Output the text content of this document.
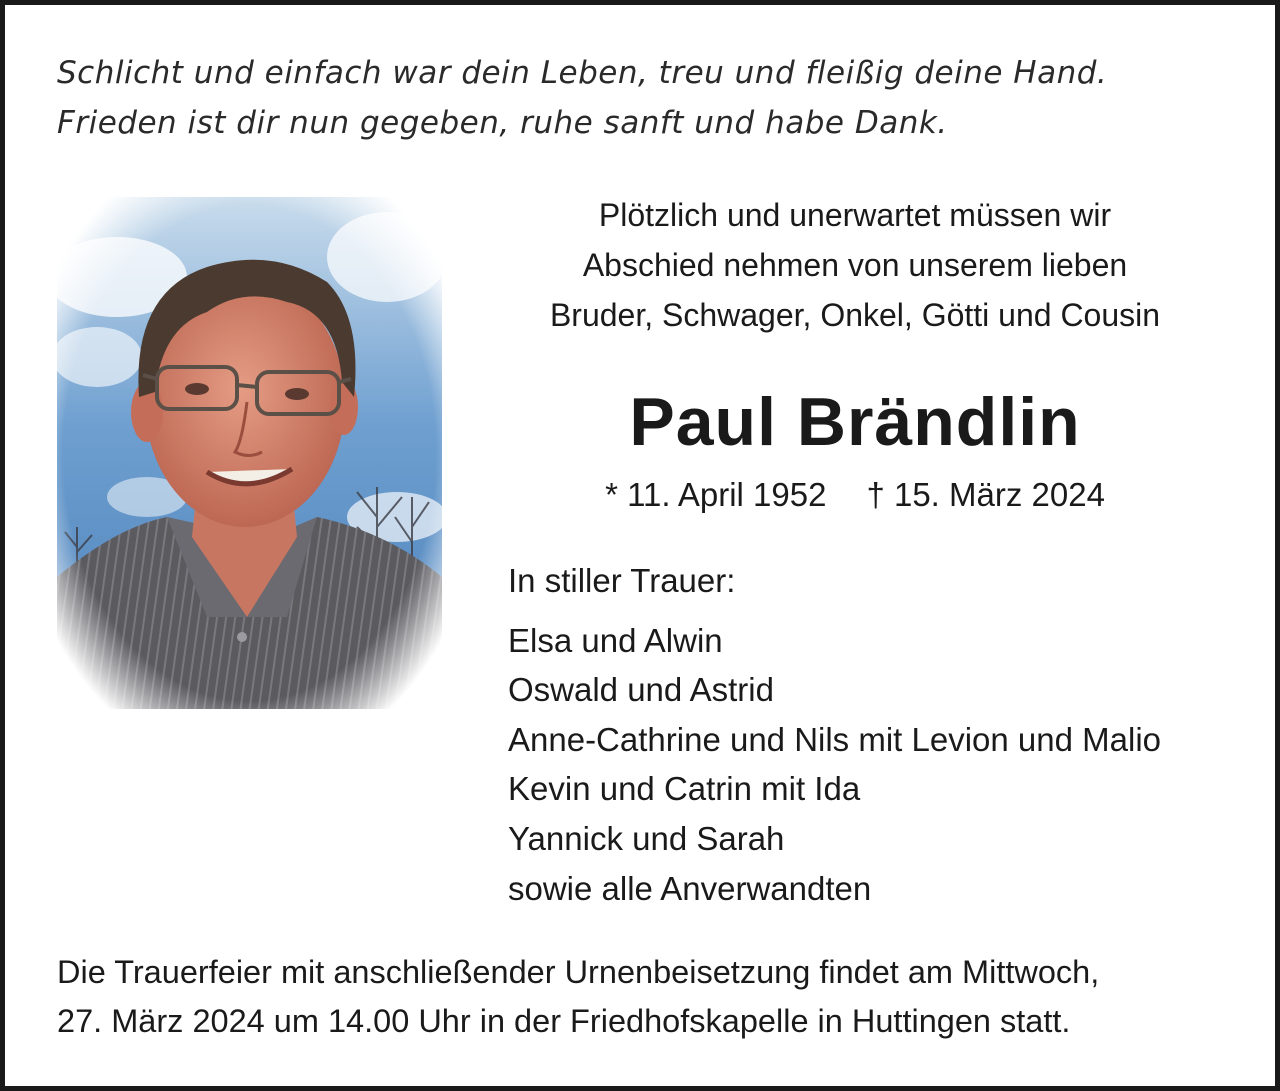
Schlicht und einfach war dein Leben, treu und fleißig deine Hand.
Frieden ist dir nun gegeben, ruhe sanft und habe Dank.
Plötzlich und unerwartet müssen wir
Abschied nehmen von unserem lieben
Bruder, Schwager, Onkel, Götti und Cousin
Paul Brändlin
* 11. April 1952 † 15. März 2024
In stiller Trauer:
Elsa und Alwin
Oswald und Astrid
Anne-Cathrine und Nils mit Levion und Malio
Kevin und Catrin mit Ida
Yannick und Sarah
sowie alle Anverwandten
Die Trauerfeier mit anschließender Urnenbeisetzung findet am Mittwoch,
27. März 2024 um 14.00 Uhr in der Friedhofskapelle in Huttingen statt.
